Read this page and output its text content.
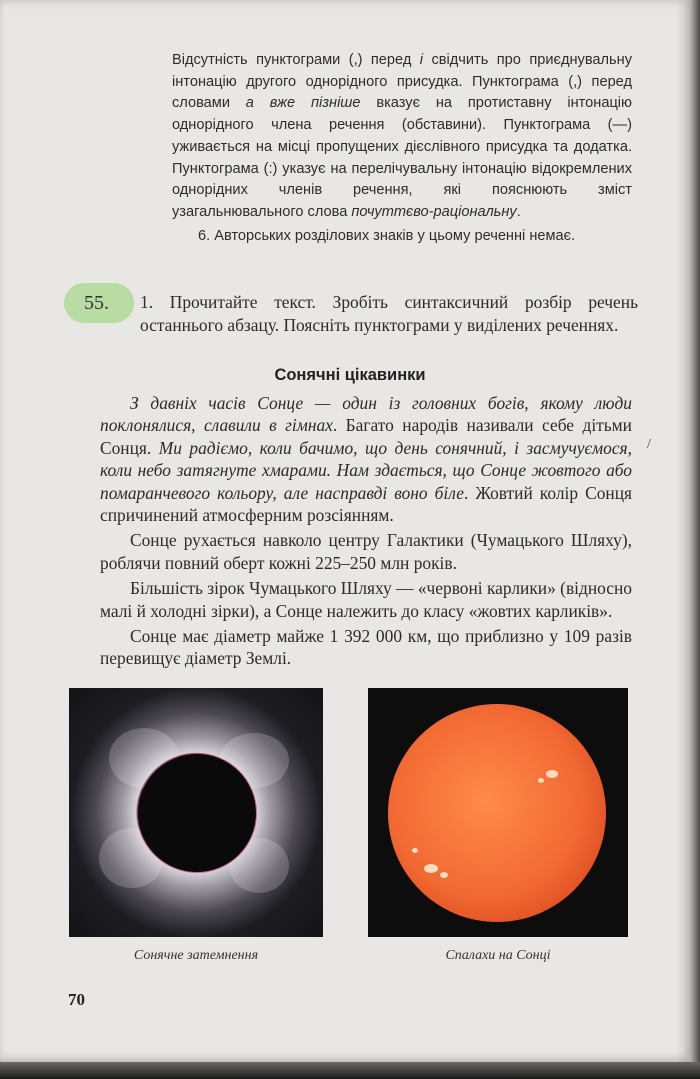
Відсутність пунктограми (,) перед і свідчить про приєднувальну інтонацію другого однорідного присудка. Пунктограма (,) перед словами а вже пізніше вказує на протиставну інтонацію однорідного члена речення (обставини). Пунктограма (—) уживається на місці пропущених дієслівного присудка та додатка. Пунктограма (:) указує на перелічувальну інтонацію відокремлених однорідних членів речення, які пояснюють зміст узагальнювального слова почуттєво-раціональну.

6. Авторських розділових знаків у цьому реченні немає.

55.	1. Прочитайте текст. Зробіть синтаксичний розбір речень останнього абзацу. Поясніть пунктограми у виділених реченнях.
Сонячні цікавинки

З давніх часів Сонце — один із головних богів, якому люди поклонялися, славили в гімнах. Багато народів називали себе дітьми Сонця. Ми радіємо, коли бачимо, що день сонячний, і засмучуємося, коли небо затягнуте хмарами. Нам здається, що Сонце жовтого або помаранчевого кольору, але насправді воно біле. Жовтий колір Сонця спричинений атмосферним розсіянням.

Сонце рухається навколо центру Галактики (Чумацького Шляху), роблячи повний оберт кожні 225–250 млн років.

Більшість зірок Чумацького Шляху — «червоні карлики» (відносно малі й холодні зірки), а Сонце належить до класу «жовтих карликів».

Сонце має діаметр майже 1 392 000 км, що приблизно у 109 разів перевищує діаметр Землі.

Сонячне затемнення	Спалахи на Сонці
70
/
